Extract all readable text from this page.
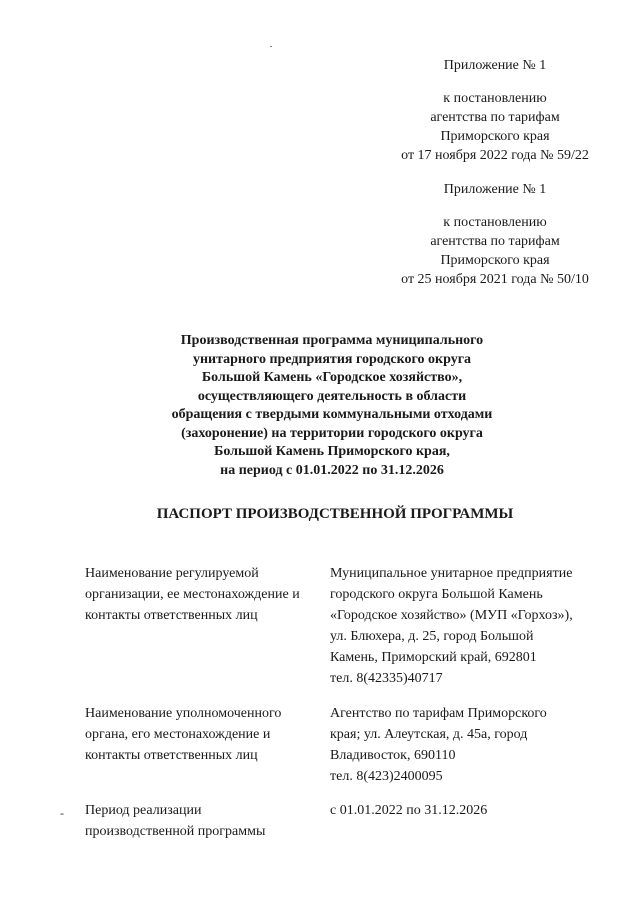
Приложение № 1
к постановлению
агентства по тарифам
Приморского края
от 17 ноября 2022 года № 59/22
Приложение № 1
к постановлению
агентства по тарифам
Приморского края
от 25 ноября 2021 года № 50/10
Производственная программа муниципального
унитарного предприятия городского округа
Большой Камень «Городское хозяйство»,
осуществляющего деятельность в области
обращения с твердыми коммунальными отходами
(захоронение) на территории городского округа
Большой Камень Приморского края,
на период с 01.01.2022 по 31.12.2026
ПАСПОРТ ПРОИЗВОДСТВЕННОЙ ПРОГРАММЫ
Наименование регулируемой
организации, ее местонахождение и
контакты ответственных лиц
Муниципальное унитарное предприятие
городского округа Большой Камень
«Городское хозяйство» (МУП «Горхоз»),
ул. Блюхера, д. 25, город Большой
Камень, Приморский край, 692801
тел. 8(42335)40717
Наименование уполномоченного
органа, его местонахождение и
контакты ответственных лиц
Агентство по тарифам Приморского
края; ул. Алеутская, д. 45а, город
Владивосток, 690110
тел. 8(423)2400095
- Период реализации
производственной программы
с 01.01.2022 по 31.12.2026
